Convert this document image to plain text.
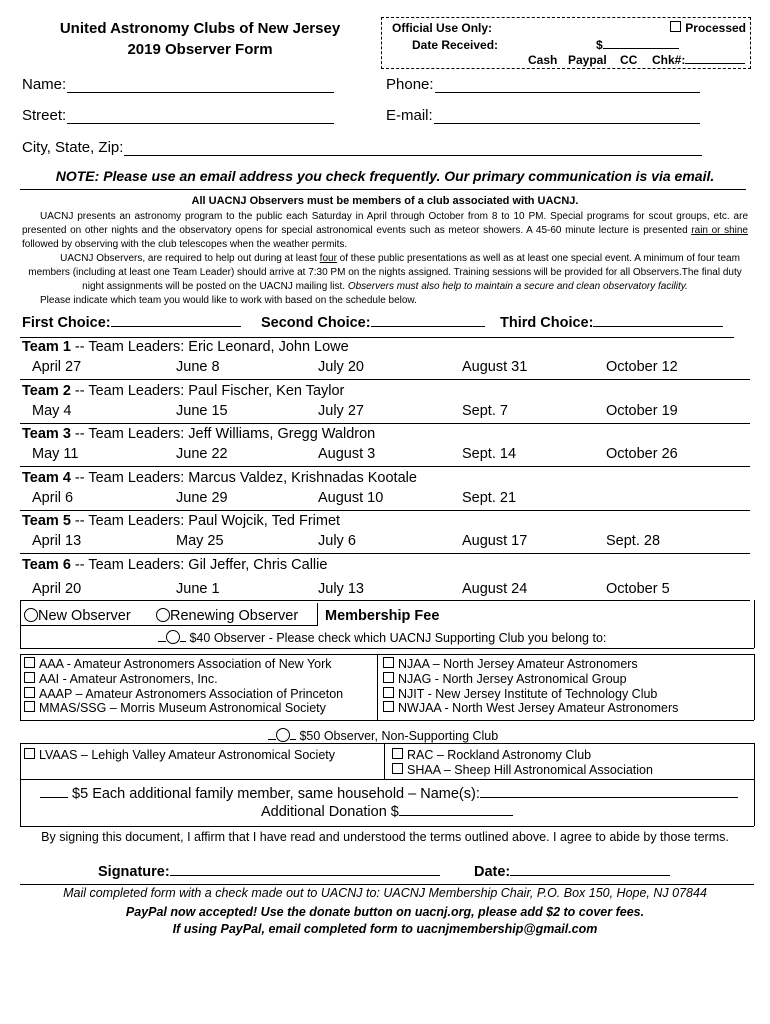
United Astronomy Clubs of New Jersey
2019 Observer Form
Official Use Only:	Processed
Date Received:	$
Cash Paypal CC Chk#:
Name:	Phone:
Street:	E-mail:
City, State, Zip:
NOTE: Please use an email address you check frequently. Our primary communication is via email.
All UACNJ Observers must be members of a club associated with UACNJ.
UACNJ presents an astronomy program to the public each Saturday in April through October from 8 to 10 PM. Special programs for scout groups, etc. are presented on other nights and the observatory opens for special astronomical events such as meteor showers. A 45-60 minute lecture is presented rain or shine followed by observing with the club telescopes when the weather permits.
UACNJ Observers, are required to help out during at least four of these public presentations as well as at least one special event. A minimum of four team members (including at least one Team Leader) should arrive at 7:30 PM on the nights assigned. Training sessions will be provided for all Observers.The final duty night assignments will be posted on the UACNJ mailing list. Observers must also help to maintain a secure and clean observatory facility.
Please indicate which team you would like to work with based on the schedule below.
First Choice:	Second Choice:	Third Choice:
Team 1 -- Team Leaders: Eric Leonard, John Lowe
April 27	June 8	July 20	August 31	October 12
Team 2 -- Team Leaders: Paul Fischer, Ken Taylor
May 4	June 15	July 27	Sept. 7	October 19
Team 3 -- Team Leaders: Jeff Williams, Gregg Waldron
May 11	June 22	August 3	Sept. 14	October 26
Team 4 -- Team Leaders: Marcus Valdez, Krishnadas Kootale
April 6	June 29	August 10	Sept. 21
Team 5 -- Team Leaders: Paul Wojcik, Ted Frimet
April 13	May 25	July 6	August 17	Sept. 28
Team 6 -- Team Leaders: Gil Jeffer, Chris Callie
April 20	June 1	July 13	August 24	October 5
New Observer	Renewing Observer Membership Fee
$40 Observer - Please check which UACNJ Supporting Club you belong to:
AAA - Amateur Astronomers Association of New York
AAI - Amateur Astronomers, Inc.
AAAP – Amateur Astronomers Association of Princeton
MMAS/SSG – Morris Museum Astronomical Society
NJAA – North Jersey Amateur Astronomers
NJAG - North Jersey Astronomical Group
NJIT - New Jersey Institute of Technology Club
NWJAA - North West Jersey Amateur Astronomers
$50 Observer, Non-Supporting Club
LVAAS – Lehigh Valley Amateur Astronomical Society	RAC – Rockland Astronomy Club
SHAA – Sheep Hill Astronomical Association
$5 Each additional family member, same household – Name(s):
Additional Donation $
By signing this document, I affirm that I have read and understood the terms outlined above. I agree to abide by those terms.
Signature:	Date:
Mail completed form with a check made out to UACNJ to: UACNJ Membership Chair, P.O. Box 150, Hope, NJ 07844
PayPal now accepted! Use the donate button on uacnj.org, please add $2 to cover fees.
If using PayPal, email completed form to uacnjmembership@gmail.com
